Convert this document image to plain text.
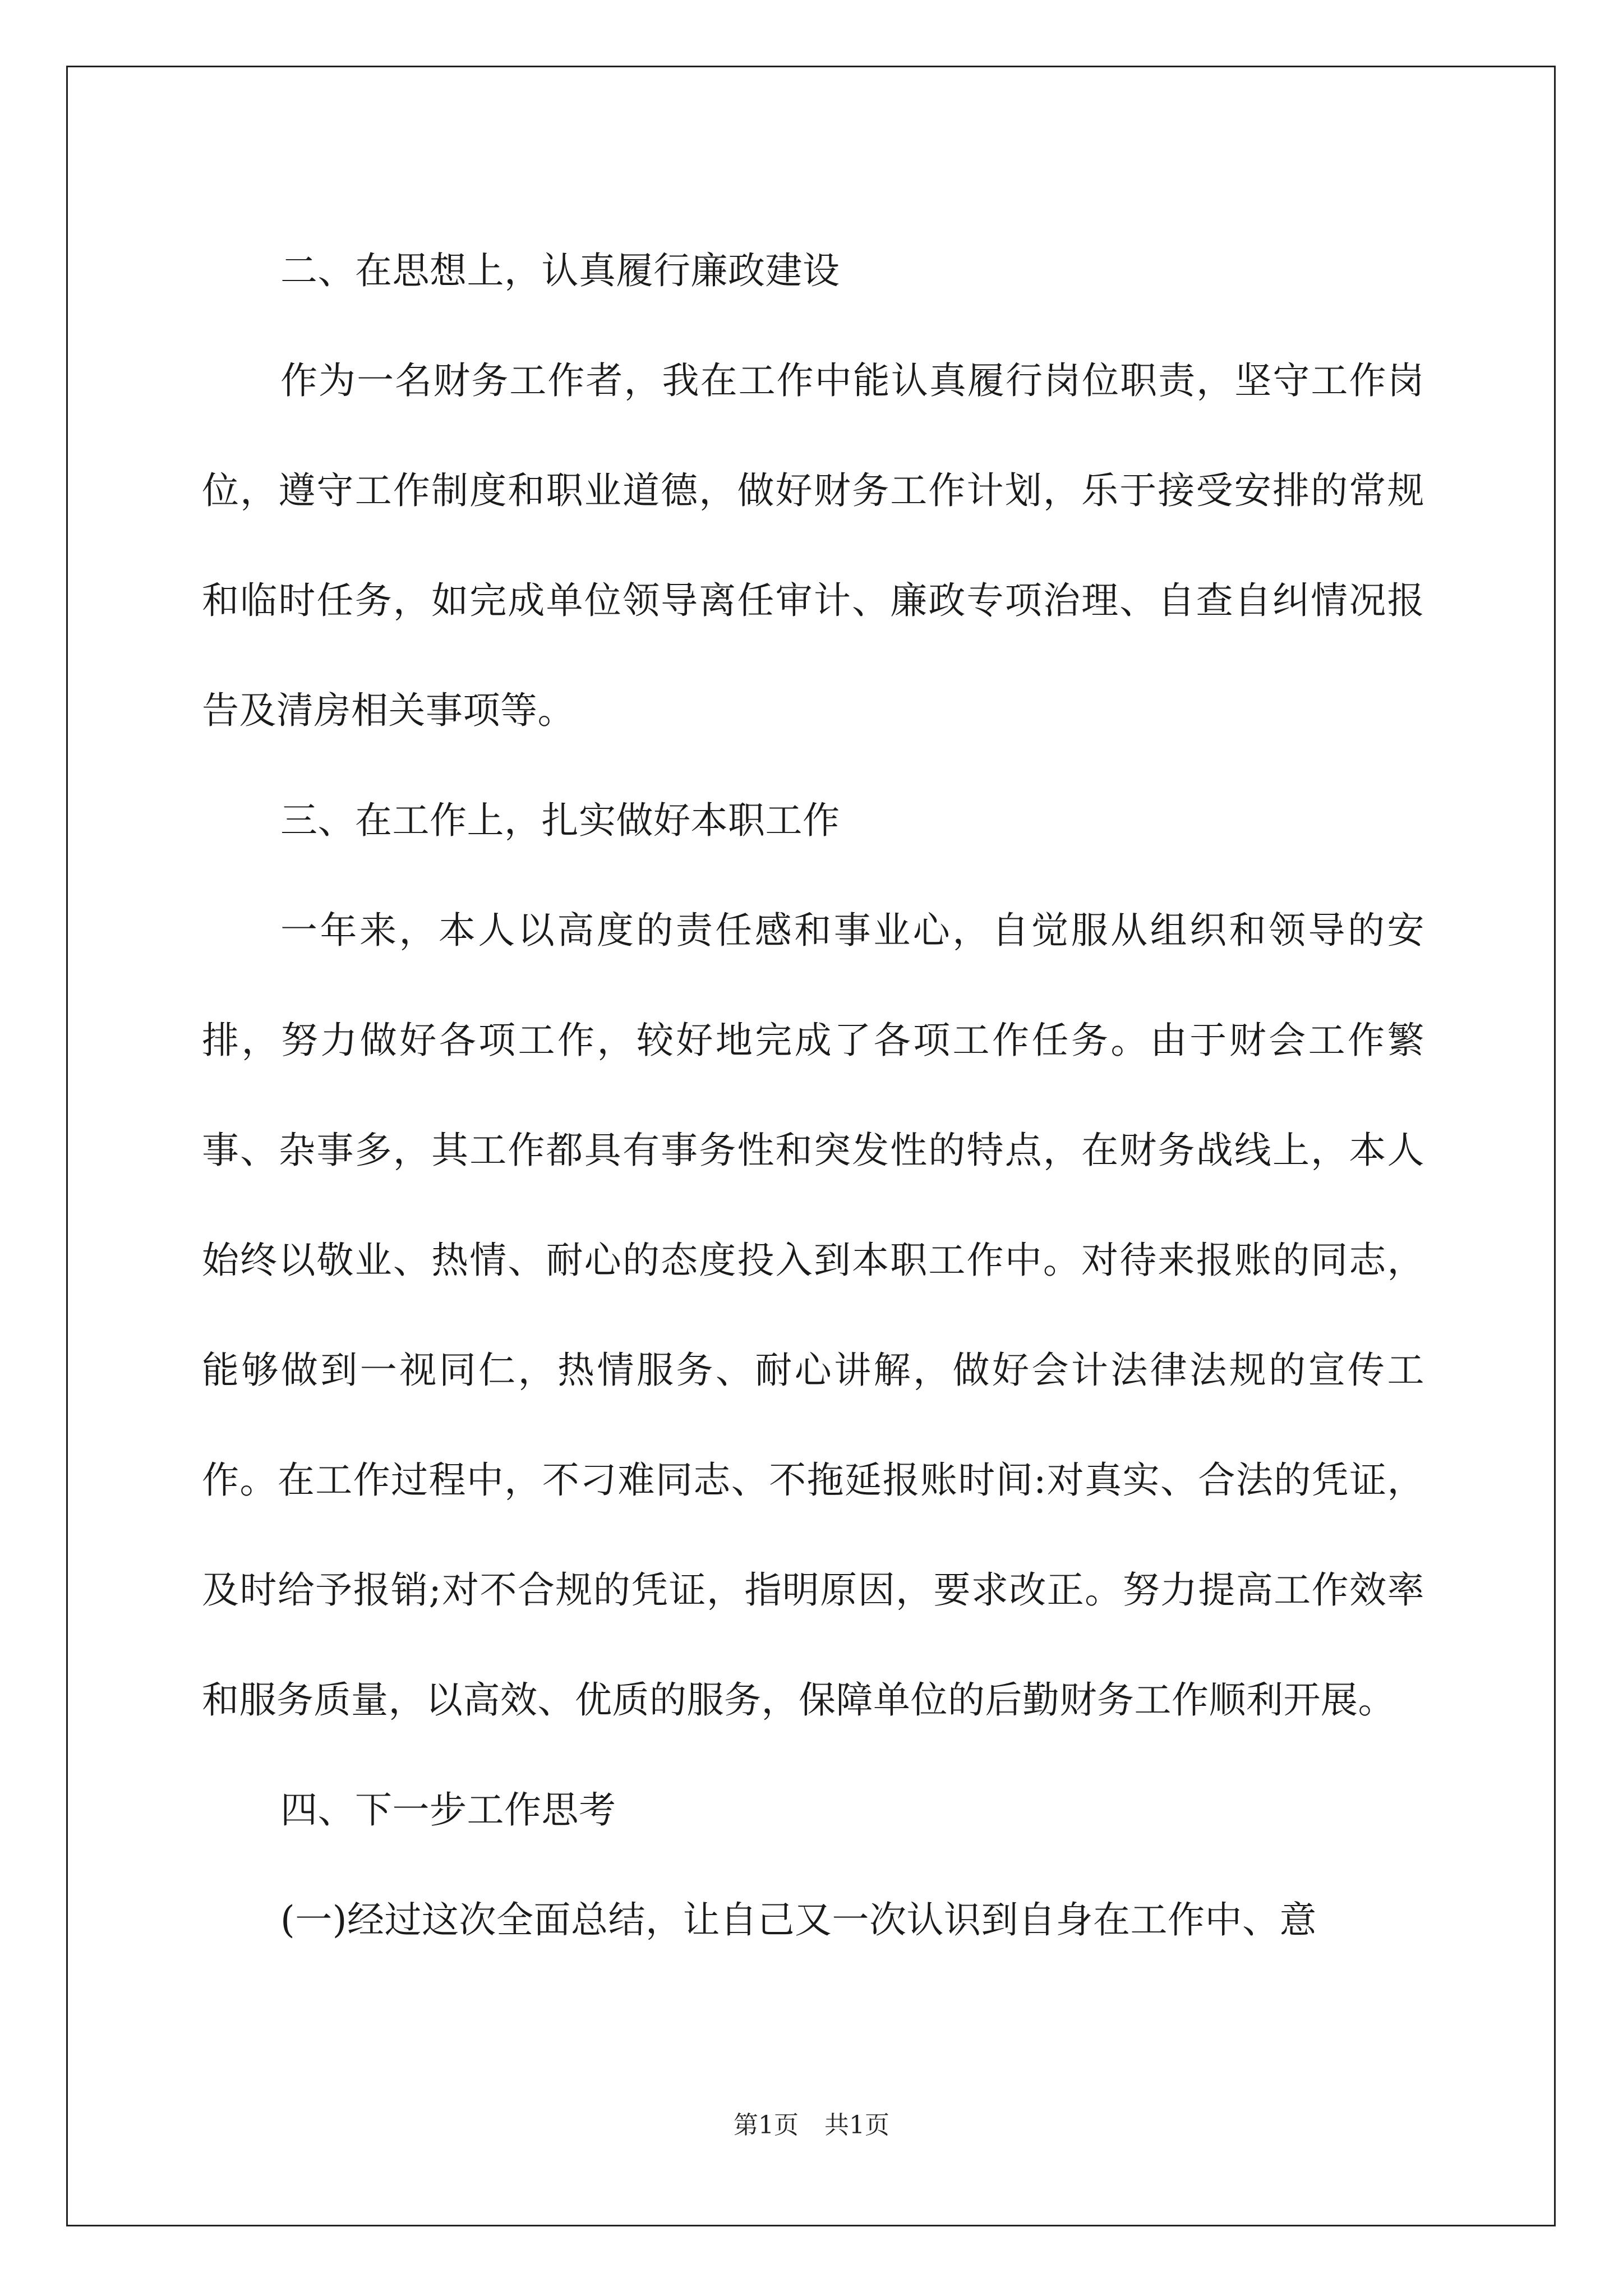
二、在思想上，认真履行廉政建设

作为一名财务工作者，我在工作中能认真履行岗位职责，坚守工作岗位，遵守工作制度和职业道德，做好财务工作计划，乐于接受安排的常规和临时任务，如完成单位领导离任审计、廉政专项治理、自查自纠情况报告及清房相关事项等。

三、在工作上，扎实做好本职工作

一年来，本人以高度的责任感和事业心，自觉服从组织和领导的安排，努力做好各项工作，较好地完成了各项工作任务。由于财会工作繁事、杂事多，其工作都具有事务性和突发性的特点，在财务战线上，本人始终以敬业、热情、耐心的态度投入到本职工作中。对待来报账的同志，能够做到一视同仁，热情服务、耐心讲解，做好会计法律法规的宣传工作。在工作过程中，不刁难同志、不拖延报账时间:对真实、合法的凭证，及时给予报销;对不合规的凭证，指明原因，要求改正。努力提高工作效率和服务质量，以高效、优质的服务，保障单位的后勤财务工作顺利开展。

四、下一步工作思考

(一)经过这次全面总结，让自己又一次认识到自身在工作中、意

第1页 共1页
